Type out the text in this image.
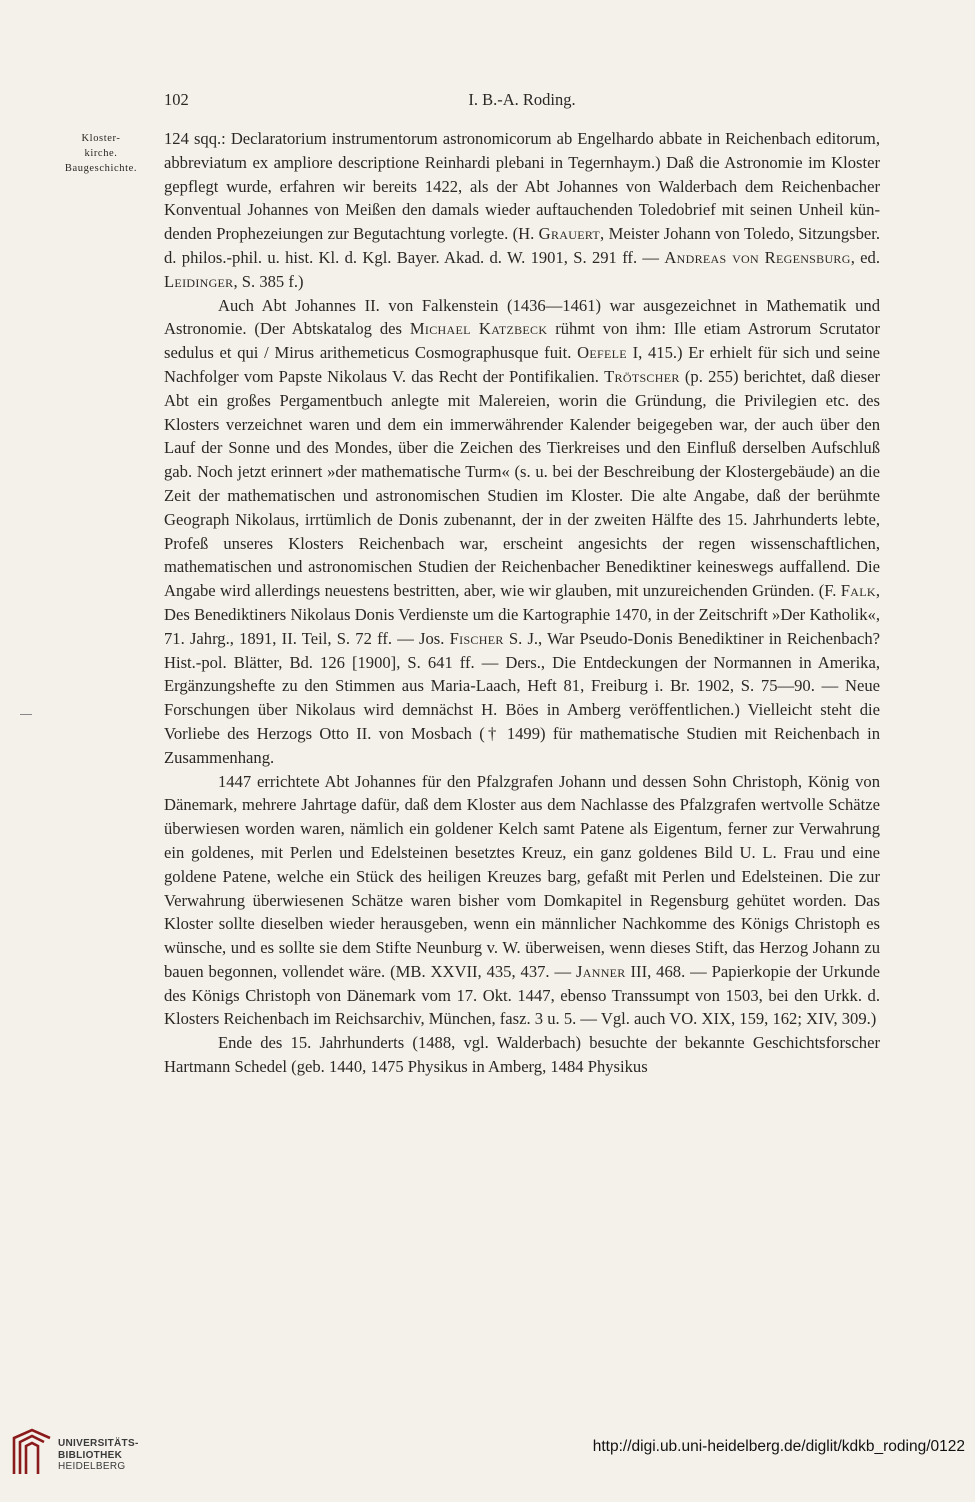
102	I. B.-A. Roding.
Kloster-
kirche.
Baugeschichte.

124 sqq.: Declaratorium instrumentorum astronomicorum ab Engelhardo abbate in Reichenbach editorum, abbreviatum ex ampliore descriptione Reinhardi plebani in Tegernhaym.) Daß die Astronomie im Kloster gepflegt wurde, erfahren wir bereits 1422, als der Abt Johannes von Walderbach dem Reichenbacher Konventual Johannes von Meißen den damals wieder auftauchenden Toledobrief mit seinen Unheil kündenden Prophezeiungen zur Begutachtung vorlegte. (H. Grauert, Meister Johann von Toledo, Sitzungsber. d. philos.-phil. u. hist. Kl. d. Kgl. Bayer. Akad. d. W. 1901, S. 291 ff. — Andreas von Regensburg, ed. Leidinger, S. 385 f.)

Auch Abt Johannes II. von Falkenstein (1436—1461) war ausgezeichnet in Mathematik und Astronomie. (Der Abtskatalog des Michael Katzbeck rühmt von ihm: Ille etiam Astrorum Scrutator sedulus et qui / Mirus arithemeticus Cosmographusque fuit. Oefele I, 415.) Er erhielt für sich und seine Nachfolger vom Papste Nikolaus V. das Recht der Pontifikalien. Trötscher (p. 255) berichtet, daß dieser Abt ein großes Pergamentbuch anlegte mit Malereien, worin die Gründung, die Privilegien etc. des Klosters verzeichnet waren und dem ein immerwährender Kalender beigegeben war, der auch über den Lauf der Sonne und des Mondes, über die Zeichen des Tierkreises und den Einfluß derselben Aufschluß gab. Noch jetzt erinnert »der mathematische Turm« (s. u. bei der Beschreibung der Klostergebäude) an die Zeit der mathematischen und astronomischen Studien im Kloster. Die alte Angabe, daß der berühmte Geograph Nikolaus, irrtümlich de Donis zubenannt, der in der zweiten Hälfte des 15. Jahrhunderts lebte, Profeß unseres Klosters Reichenbach war, erscheint angesichts der regen wissenschaftlichen, mathematischen und astronomischen Studien der Reichenbacher Benediktiner keineswegs auffallend. Die Angabe wird allerdings neuestens bestritten, aber, wie wir glauben, mit unzureichenden Gründen. (F. Falk, Des Benediktiners Nikolaus Donis Verdienste um die Kartographie 1470, in der Zeitschrift »Der Katholik«, 71. Jahrg., 1891, II. Teil, S. 72 ff. — Jos. Fischer S. J., War Pseudo-Donis Benediktiner in Reichenbach? Hist.-pol. Blätter, Bd. 126 [1900], S. 641 ff. — Ders., Die Entdeckungen der Normannen in Amerika, Ergänzungshefte zu den Stimmen aus Maria-Laach, Heft 81, Freiburg i. Br. 1902, S. 75—90. — Neue Forschungen über Nikolaus wird demnächst H. Böes in Amberg veröffentlichen.) Vielleicht steht die Vorliebe des Herzogs Otto II. von Mosbach († 1499) für mathematische Studien mit Reichenbach in Zusammenhang.

1447 errichtete Abt Johannes für den Pfalzgrafen Johann und dessen Sohn Christoph, König von Dänemark, mehrere Jahrtage dafür, daß dem Kloster aus dem Nachlasse des Pfalzgrafen wertvolle Schätze überwiesen worden waren, nämlich ein goldener Kelch samt Patene als Eigentum, ferner zur Verwahrung ein goldenes, mit Perlen und Edelsteinen besetztes Kreuz, ein ganz goldenes Bild U. L. Frau und eine goldene Patene, welche ein Stück des heiligen Kreuzes barg, gefaßt mit Perlen und Edelsteinen. Die zur Verwahrung überwiesenen Schätze waren bisher vom Domkapitel in Regensburg gehütet worden. Das Kloster sollte dieselben wieder herausgeben, wenn ein männlicher Nachkomme des Königs Christoph es wünsche, und es sollte sie dem Stifte Neunburg v. W. überweisen, wenn dieses Stift, das Herzog Johann zu bauen begonnen, vollendet wäre. (MB. XXVII, 435, 437. — Janner III, 468. — Papierkopie der Urkunde des Königs Christoph von Dänemark vom 17. Okt. 1447, ebenso Transsumpt von 1503, bei den Urkk. d. Klosters Reichenbach im Reichsarchiv, München, fasz. 3 u. 5. — Vgl. auch VO. XIX, 159, 162; XIV, 309.)

Ende des 15. Jahrhunderts (1488, vgl. Walderbach) besuchte der bekannte Geschichtsforscher Hartmann Schedel (geb. 1440, 1475 Physikus in Amberg, 1484 Physikus

UNIVERSITÄTS-
BIBLIOTHEK
HEIDELBERG
http://digi.ub.uni-heidelberg.de/diglit/kdkb_roding/0122
